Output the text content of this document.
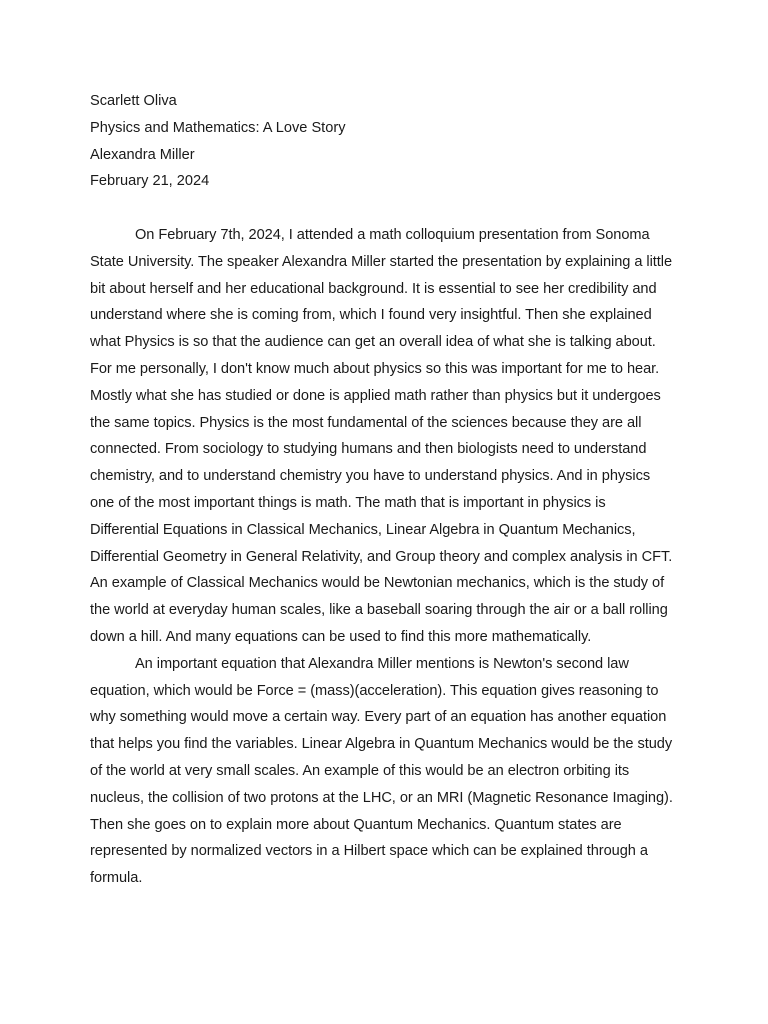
Scarlett Oliva
Physics and Mathematics: A Love Story
Alexandra Miller
February 21, 2024

On February 7th, 2024, I attended a math colloquium presentation from Sonoma State University. The speaker Alexandra Miller started the presentation by explaining a little bit about herself and her educational background. It is essential to see her credibility and understand where she is coming from, which I found very insightful. Then she explained what Physics is so that the audience can get an overall idea of what she is talking about. For me personally, I don't know much about physics so this was important for me to hear. Mostly what she has studied or done is applied math rather than physics but it undergoes the same topics. Physics is the most fundamental of the sciences because they are all connected. From sociology to studying humans and then biologists need to understand chemistry, and to understand chemistry you have to understand physics. And in physics one of the most important things is math. The math that is important in physics is Differential Equations in Classical Mechanics, Linear Algebra in Quantum Mechanics, Differential Geometry in General Relativity, and Group theory and complex analysis in CFT. An example of Classical Mechanics would be Newtonian mechanics, which is the study of the world at everyday human scales, like a baseball soaring through the air or a ball rolling down a hill. And many equations can be used to find this more mathematically.

An important equation that Alexandra Miller mentions is Newton's second law equation, which would be Force = (mass)(acceleration). This equation gives reasoning to why something would move a certain way. Every part of an equation has another equation that helps you find the variables. Linear Algebra in Quantum Mechanics would be the study of the world at very small scales. An example of this would be an electron orbiting its nucleus, the collision of two protons at the LHC, or an MRI (Magnetic Resonance Imaging). Then she goes on to explain more about Quantum Mechanics. Quantum states are represented by normalized vectors in a Hilbert space which can be explained through a formula.
